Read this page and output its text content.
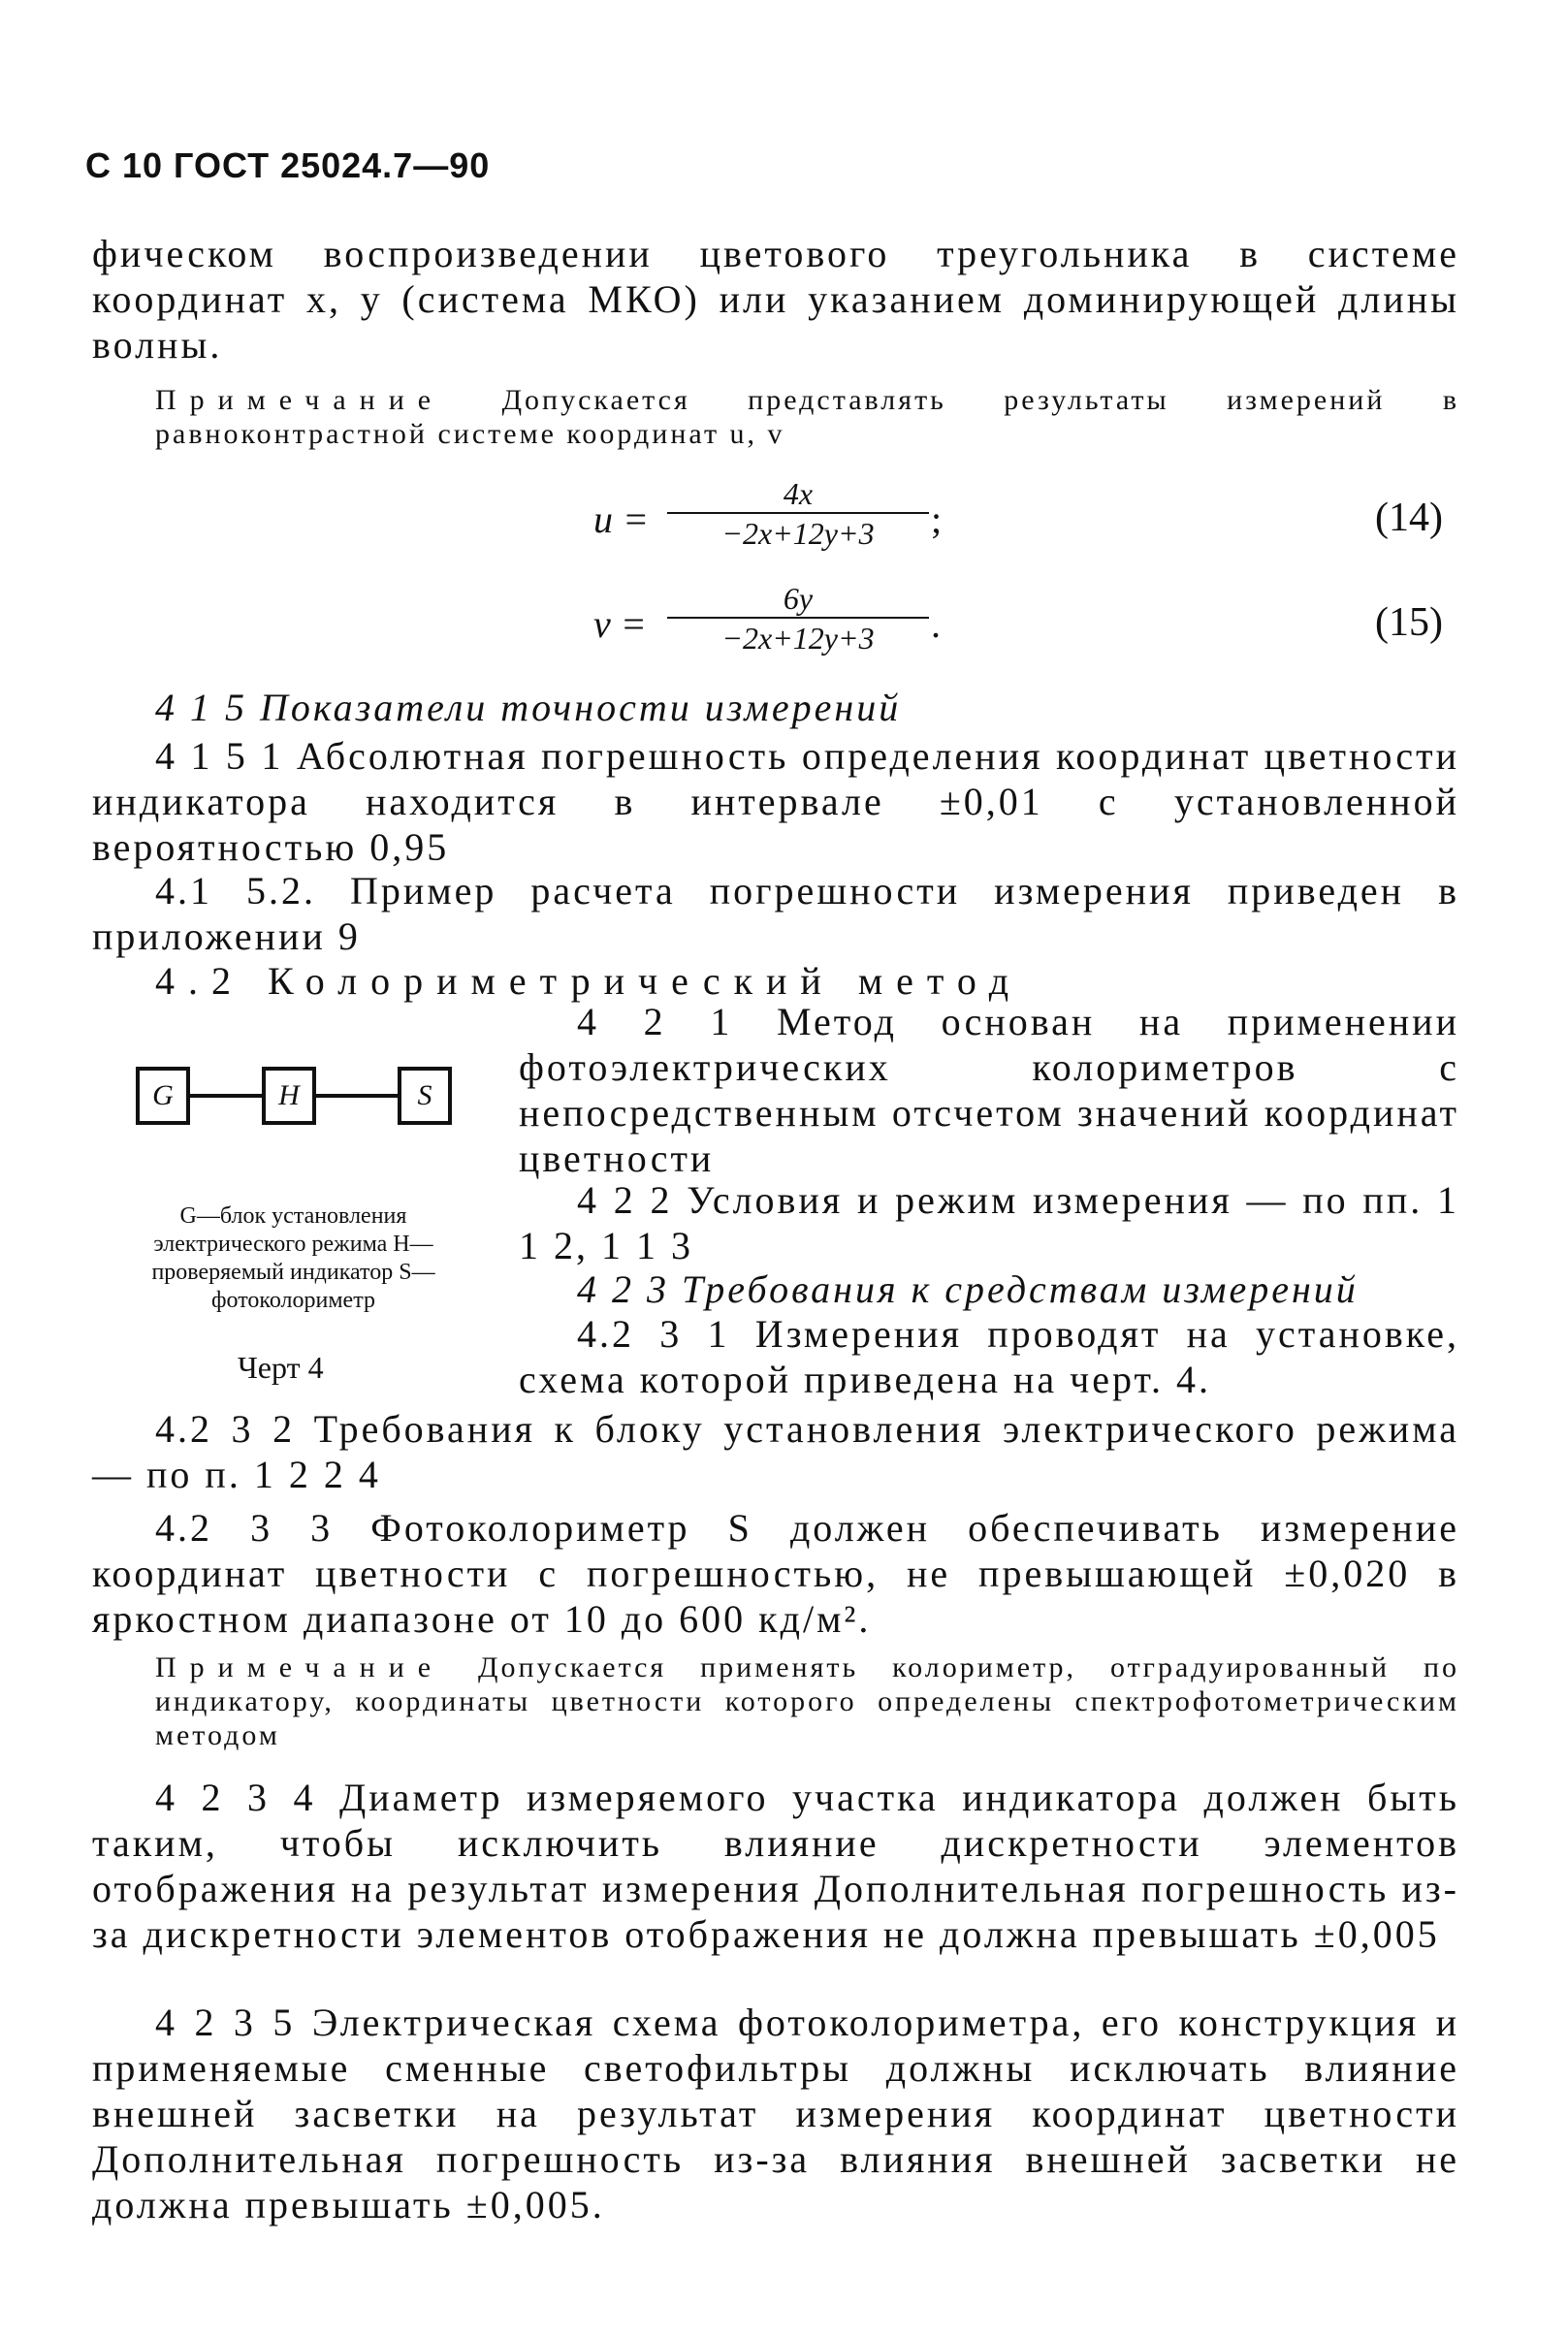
С 10 ГОСТ 25024.7—90

фическом воспроизведении цветового треугольника в системе координат x, y (система МКО) или указанием доминирующей длины волны.

Примечание Допускается представлять результаты измерений в равноконтрастной системе координат u, v

$u = \frac{4x}{-2x+12y+3}$ ;	(14)
$v = \frac{6y}{-2x+12y+3}$ .	(15)

4 1 5 Показатели точности измерений

4 1 5 1 Абсолютная погрешность определения координат цветности индикатора находится в интервале ±0,01 с установленной вероятностью 0,95

4.1 5.2. Пример расчета погрешности измерения приведен в приложении 9

4.2 Колориметрический метод

G	H	S
G—блок установления электрического режима H—проверяемый индикатор S—фотоколориметр
Черт 4

4 2 1 Метод основан на применении фотоэлектрических колориметров с непосредственным отсчетом значений координат цветности

4 2 2 Условия и режим измерения — по пп. 1 1 2, 1 1 3

4 2 3 Требования к средствам измерений

4.2 3 1 Измерения проводят на установке, схема которой приведена на черт. 4.

4.2 3 2 Требования к блоку установления электрического режима — по п. 1 2 2 4

4.2 3 3 Фотоколориметр S должен обеспечивать измерение координат цветности с погрешностью, не превышающей ±0,020 в яркостном диапазоне от 10 до 600 кд/м².

Примечание Допускается применять колориметр, отградуированный по индикатору, координаты цветности которого определены спектрофотометрическим методом

4 2 3 4 Диаметр измеряемого участка индикатора должен быть таким, чтобы исключить влияние дискретности элементов отображения на результат измерения Дополнительная погрешность из-за дискретности элементов отображения не должна превышать ±0,005

4 2 3 5 Электрическая схема фотоколориметра, его конструкция и применяемые сменные светофильтры должны исключать влияние внешней засветки на результат измерения координат цветности Дополнительная погрешность из-за влияния внешней засветки не должна превышать ±0,005.
